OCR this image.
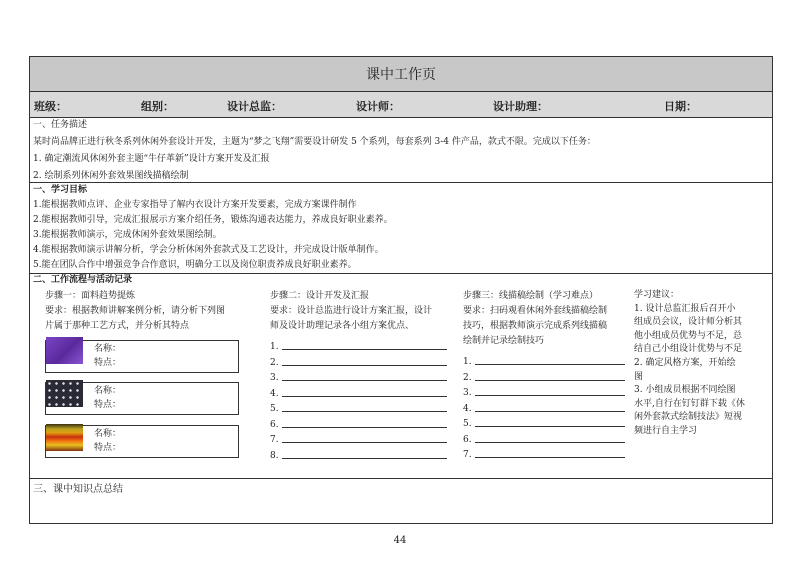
课中工作页
班级：	组别：	设计总监：	设计师：	设计助理：	日期：
一、任务描述
某时尚品牌正进行秋冬系列休闲外套设计开发，主题为“梦之飞翔”需要设计研发 5 个系列，每套系列 3-4 件产品，款式不限。完成以下任务：
1. 确定潮流风休闲外套主题“牛仔革新”设计方案开发及汇报
2. 绘制系列休闲外套效果图线描稿绘制
一、学习目标
1.能根据教师点评、企业专家指导了解内衣设计方案开发要素，完成方案课件制作
2.能根据教师引导，完成汇报展示方案介绍任务，锻炼沟通表达能力，养成良好职业素养。
3.能根据教师演示，完成休闲外套效果图绘制。
4.能根据教师演示讲解分析，学会分析休闲外套款式及工艺设计，并完成设计版单制作。
5.能在团队合作中增强竞争合作意识，明确分工以及岗位职责养成良好职业素养。
二、工作流程与活动记录
步骤一：面料趋势提炼
要求：根据教师讲解案例分析，请分析下列图
片属于那种工艺方式，并分析其特点
名称：
特点：
名称：
特点：
名称：
特点：
步骤二：设计开发及汇报
要求：设计总监进行设计方案汇报，设计
师及设计助理记录各小组方案优点、
1.
2.
3.
4.
5.
6.
7.
8.
步骤三：线描稿绘制（学习难点）
要求：扫码观看休闲外套线描稿绘制
技巧，根据教师演示完成系列线描稿
绘制并记录绘制技巧
1.
2.
3.
4.
5.
6.
7.
学习建议：
1. 设计总监汇报后召开小
组成员会议，设计师分析其
他小组成员优势与不足，总
结自己小组设计优势与不足
2. 确定风格方案，开始绘
图
3. 小组成员根据不同绘图
水平,自行在钉钉群下载《休
闲外套款式绘制技法》短视
频进行自主学习
三、课中知识点总结
44
